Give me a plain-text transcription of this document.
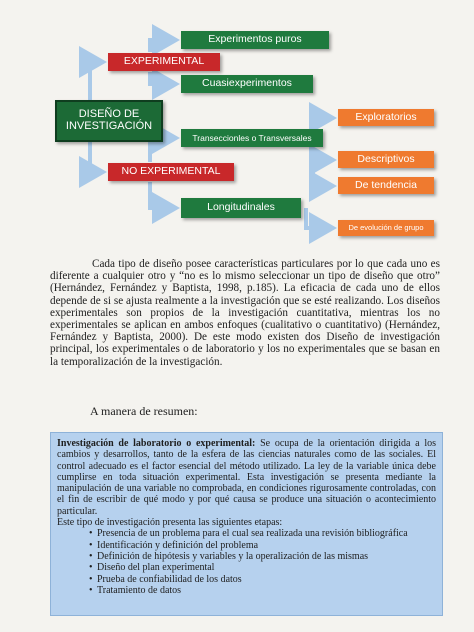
DISEÑO DE INVESTIGACIÓN
EXPERIMENTAL
Experimentos puros
Cuasiexperimentos
NO EXPERIMENTAL
Transeccionles o Transversales
Longitudinales
Exploratorios
Descriptivos
De tendencia
De evolución de grupo

Cada tipo de diseño posee características particulares por lo que cada uno es diferente a cualquier otro y “no es lo mismo seleccionar un tipo de diseño que otro” (Hernández, Fernández y Baptista, 1998, p.185). La eficacia de cada uno de ellos depende de si se ajusta realmente a la investigación que se esté realizando. Los diseños experimentales son propios de la investigación cuantitativa, mientras los no experimentales se aplican en ambos enfoques (cualitativo o cuantitativo) (Hernández, Fernández y Baptista, 2000). De este modo existen dos Diseño de investigación principal, los experimentales o de laboratorio y los no experimentales que se basan en la temporalización de la investigación.

A manera de resumen:

Investigación de laboratorio o experimental: Se ocupa de la orientación dirigida a los cambios y desarrollos, tanto de la esfera de las ciencias naturales como de las sociales. El control adecuado es el factor esencial del método utilizado. La ley de la variable única debe cumplirse en toda situación experimental. Esta investigación se presenta mediante la manipulación de una variable no comprobada, en condiciones rigurosamente controladas, con el fin de escribir de qué modo y por qué causa se produce una situación o acontecimiento particular.

Este tipo de investigación presenta las siguientes etapas:

• Presencia de un problema para el cual sea realizada una revisión bibliográfica
• Identificación y definición del problema
• Definición de hipótesis y variables y la operalización de las mismas
• Diseño del plan experimental
• Prueba de confiabilidad de los datos
• Tratamiento de datos
